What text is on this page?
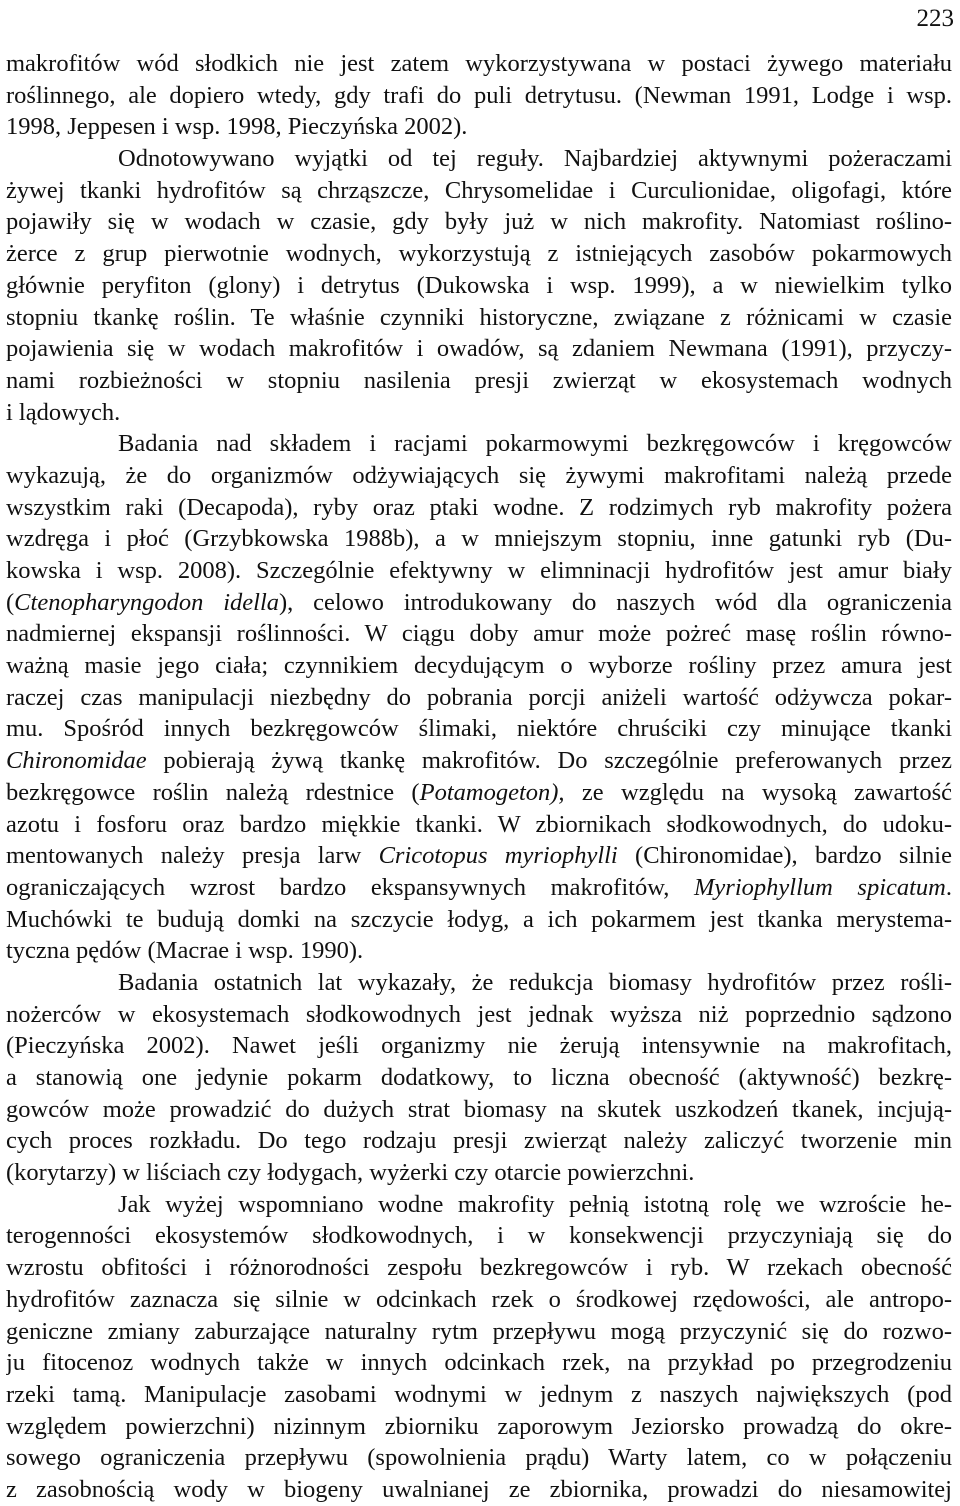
223
makrofitów wód słodkich nie jest zatem wykorzystywana w postaci żywego materiału
roślinnego, ale dopiero wtedy, gdy trafi do puli detrytusu. (Newman 1991, Lodge i wsp.
1998, Jeppesen i wsp. 1998, Pieczyńska 2002).
Odnotowywano wyjątki od tej reguły. Najbardziej aktywnymi pożeraczami
żywej tkanki hydrofitów są chrząszcze, Chrysomelidae i Curculionidae, oligofagi, które
pojawiły się w wodach w czasie, gdy były już w nich makrofity. Natomiast roślino-
żerce z grup pierwotnie wodnych, wykorzystują z istniejących zasobów pokarmowych
głównie peryfiton (glony) i detrytus (Dukowska i wsp. 1999), a w niewielkim tylko
stopniu tkankę roślin. Te właśnie czynniki historyczne, związane z różnicami w czasie
pojawienia się w wodach makrofitów i owadów, są zdaniem Newmana (1991), przyczy-
nami rozbieżności w stopniu nasilenia presji zwierząt w ekosystemach wodnych
i lądowych.
Badania nad składem i racjami pokarmowymi bezkręgowców i kręgowców
wykazują, że do organizmów odżywiających się żywymi makrofitami należą przede
wszystkim raki (Decapoda), ryby oraz ptaki wodne. Z rodzimych ryb makrofity pożera
wzdręga i płoć (Grzybkowska 1988b), a w mniejszym stopniu, inne gatunki ryb (Du-
kowska i wsp. 2008). Szczególnie efektywny w elimninacji hydrofitów jest amur biały
(Ctenopharyngodon idella), celowo introdukowany do naszych wód dla ograniczenia
nadmiernej ekspansji roślinności. W ciągu doby amur może pożreć masę roślin równo-
ważną masie jego ciała; czynnikiem decydującym o wyborze rośliny przez amura jest
raczej czas manipulacji niezbędny do pobrania porcji aniżeli wartość odżywcza pokar-
mu. Spośród innych bezkręgowców ślimaki, niektóre chruściki czy minujące tkanki
Chironomidae pobierają żywą tkankę makrofitów. Do szczególnie preferowanych przez
bezkręgowce roślin należą rdestnice (Potamogeton), ze względu na wysoką zawartość
azotu i fosforu oraz bardzo miękkie tkanki. W zbiornikach słodkowodnych, do udoku-
mentowanych należy presja larw Cricotopus myriophylli (Chironomidae), bardzo silnie
ograniczających wzrost bardzo ekspansywnych makrofitów, Myriophyllum spicatum.
Muchówki te budują domki na szczycie łodyg, a ich pokarmem jest tkanka merystema-
tyczna pędów (Macrae i wsp. 1990).
Badania ostatnich lat wykazały, że redukcja biomasy hydrofitów przez rośli-
nożerców w ekosystemach słodkowodnych jest jednak wyższa niż poprzednio sądzono
(Pieczyńska 2002). Nawet jeśli organizmy nie żerują intensywnie na makrofitach,
a stanowią one jedynie pokarm dodatkowy, to liczna obecność (aktywność) bezkrę-
gowców może prowadzić do dużych strat biomasy na skutek uszkodzeń tkanek, incjują-
cych proces rozkładu. Do tego rodzaju presji zwierząt należy zaliczyć tworzenie min
(korytarzy) w liściach czy łodygach, wyżerki czy otarcie powierzchni.
Jak wyżej wspomniano wodne makrofity pełnią istotną rolę we wzroście he-
terogenności ekosystemów słodkowodnych, i w konsekwencji przyczyniają się do
wzrostu obfitości i różnorodności zespołu bezkregowców i ryb. W rzekach obecność
hydrofitów zaznacza się silnie w odcinkach rzek o środkowej rzędowości, ale antropo-
geniczne zmiany zaburzające naturalny rytm przepływu mogą przyczynić się do rozwo-
ju fitocenoz wodnych także w innych odcinkach rzek, na przykład po przegrodzeniu
rzeki tamą. Manipulacje zasobami wodnymi w jednym z naszych największych (pod
względem powierzchni) nizinnym zbiorniku zaporowym Jeziorsko prowadzą do okre-
sowego ograniczenia przepływu (spowolnienia prądu) Warty latem, co w połączeniu
z zasobnością wody w biogeny uwalnianej ze zbiornika, prowadzi do niesamowitej
